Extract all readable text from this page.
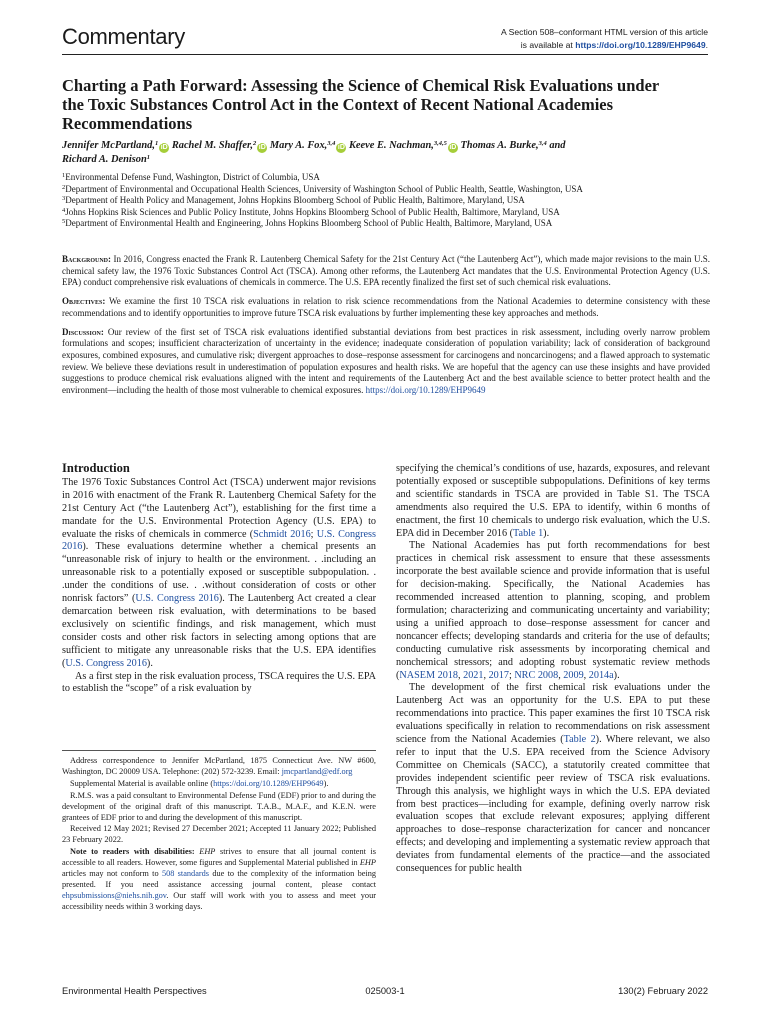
Commentary	A Section 508–conformant HTML version of this article
is available at https://doi.org/10.1289/EHP9649.
Charting a Path Forward: Assessing the Science of Chemical Risk Evaluations under the Toxic Substances Control Act in the Context of Recent National Academies Recommendations
Jennifer McPartland,$^1$iD Rachel M. Shaffer,$^2$iD Mary A. Fox,$^{3,4}$iD Keeve E. Nachman,$^{3,4,5}$iD Thomas A. Burke,$^{3,4}$ and
Richard A. Denison$^1$
$^1$Environmental Defense Fund, Washington, District of Columbia, USA
$^2$Department of Environmental and Occupational Health Sciences, University of Washington School of Public Health, Seattle, Washington, USA
$^3$Department of Health Policy and Management, Johns Hopkins Bloomberg School of Public Health, Baltimore, Maryland, USA
$^4$Johns Hopkins Risk Sciences and Public Policy Institute, Johns Hopkins Bloomberg School of Public Health, Baltimore, Maryland, USA
$^5$Department of Environmental Health and Engineering, Johns Hopkins Bloomberg School of Public Health, Baltimore, Maryland, USA

Background: In 2016, Congress enacted the Frank R. Lautenberg Chemical Safety for the 21st Century Act (“the Lautenberg Act”), which made major revisions to the main U.S. chemical safety law, the 1976 Toxic Substances Control Act (TSCA). Among other reforms, the Lautenberg Act mandates that the U.S. Environmental Protection Agency (U.S. EPA) conduct comprehensive risk evaluations of chemicals in commerce. The U.S. EPA recently finalized the first set of such chemical risk evaluations.

Objectives: We examine the first 10 TSCA risk evaluations in relation to risk science recommendations from the National Academies to determine consistency with these recommendations and to identify opportunities to improve future TSCA risk evaluations by further implementing these key approaches and methods.

Discussion: Our review of the first set of TSCA risk evaluations identified substantial deviations from best practices in risk assessment, including overly narrow problem formulations and scopes; insufficient characterization of uncertainty in the evidence; inadequate consideration of population variability; lack of consideration of background exposures, combined exposures, and cumulative risk; divergent approaches to dose–response assessment for carcinogens and noncarcinogens; and a flawed approach to systematic review. We believe these deviations result in underestimation of population exposures and health risks. We are hopeful that the agency can use these insights and have provided suggestions to produce chemical risk evaluations aligned with the intent and requirements of the Lautenberg Act and the best available science to better protect health and the environment—including the health of those most vulnerable to chemical exposures. https://doi.org/10.1289/EHP9649

Introduction

The 1976 Toxic Substances Control Act (TSCA) underwent major revisions in 2016 with enactment of the Frank R. Lautenberg Chemical Safety for the 21st Century Act (“the Lautenberg Act”), establishing for the first time a mandate for the U.S. Environmental Protection Agency (U.S. EPA) to evaluate the risks of chemicals in commerce (Schmidt 2016; U.S. Congress 2016). These evaluations determine whether a chemical presents an “unreasonable risk of injury to health or the environment. . .including an unreasonable risk to a potentially exposed or susceptible subpopulation. . .under the conditions of use. . .without consideration of costs or other nonrisk factors” (U.S. Congress 2016). The Lautenberg Act created a clear demarcation between risk evaluation, with determinations to be based exclusively on scientific findings, and risk management, which must consider costs and other risk factors in selecting among options that are sufficient to mitigate any unreasonable risks that the U.S. EPA identifies (U.S. Congress 2016).

As a first step in the risk evaluation process, TSCA requires the U.S. EPA to establish the “scope” of a risk evaluation by

Address correspondence to Jennifer McPartland, 1875 Connecticut Ave. NW #600, Washington, DC 20009 USA. Telephone: (202) 572-3239. Email: jmcpartland@edf.org

Supplemental Material is available online (https://doi.org/10.1289/EHP9649).

R.M.S. was a paid consultant to Environmental Defense Fund (EDF) prior to and during the development of the original draft of this manuscript. T.A.B., M.A.F., and K.E.N. were grantees of EDF prior to and during the development of this manuscript.

Received 12 May 2021; Revised 27 December 2021; Accepted 11 January 2022; Published 23 February 2022.

Note to readers with disabilities: EHP strives to ensure that all journal content is accessible to all readers. However, some figures and Supplemental Material published in EHP articles may not conform to 508 standards due to the complexity of the information being presented. If you need assistance accessing journal content, please contact ehpsubmissions@niehs.nih.gov. Our staff will work with you to assess and meet your accessibility needs within 3 working days.

specifying the chemical’s conditions of use, hazards, exposures, and relevant potentially exposed or susceptible subpopulations. Definitions of key terms and scientific standards in TSCA are provided in Table S1. The TSCA amendments also required the U.S. EPA to identify, within 6 months of enactment, the first 10 chemicals to undergo risk evaluation, which the U.S. EPA did in December 2016 (Table 1).

The National Academies has put forth recommendations for best practices in chemical risk assessment to ensure that these assessments incorporate the best available science and provide information that is useful for decision-making. Specifically, the National Academies has recommended increased attention to planning, scoping, and problem formulation; characterizing and communicating uncertainty and variability; using a unified approach to dose–response assessment for cancer and noncancer effects; developing standards and criteria for the use of defaults; conducting cumulative risk assessments by incorporating chemical and nonchemical stressors; and adopting robust systematic review methods (NASEM 2018, 2021, 2017; NRC 2008, 2009, 2014a).

The development of the first chemical risk evaluations under the Lautenberg Act was an opportunity for the U.S. EPA to put these recommendations into practice. This paper examines the first 10 TSCA risk evaluations specifically in relation to recommendations on risk assessment science from the National Academies (Table 2). Where relevant, we also refer to input that the U.S. EPA received from the Science Advisory Committee on Chemicals (SACC), a statutorily created committee that provides independent scientific peer review of TSCA risk evaluations. Through this analysis, we highlight ways in which the U.S. EPA deviated from best practices—including for example, defining overly narrow risk evaluation scopes that exclude relevant exposures; applying different approaches to dose–response characterization for cancer and noncancer effects; and developing and implementing a systematic review approach that deviates from fundamental elements of the practice—and the associated consequences for public health

Environmental Health Perspectives	025003-1	130(2) February 2022
